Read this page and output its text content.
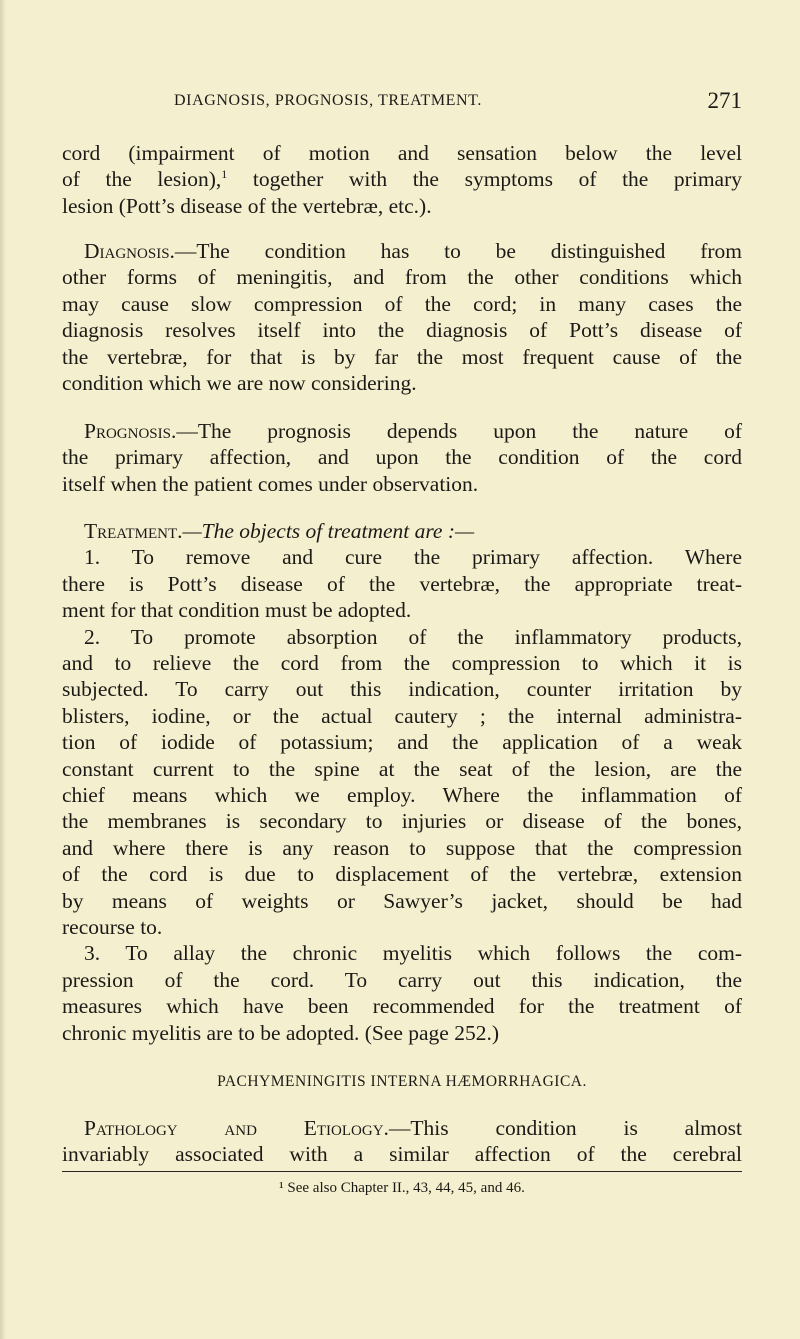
DIAGNOSIS, PROGNOSIS, TREATMENT.	271
cord (impairment of motion and sensation below the level
of the lesion),$^1$ together with the symptoms of the primary
lesion (Pott’s disease of the vertebræ, etc.).
Diagnosis.—The condition has to be distinguished from
other forms of meningitis, and from the other conditions which
may cause slow compression of the cord; in many cases the
diagnosis resolves itself into the diagnosis of Pott’s disease of
the vertebræ, for that is by far the most frequent cause of the
condition which we are now considering.
Prognosis.—The prognosis depends upon the nature of
the primary affection, and upon the condition of the cord
itself when the patient comes under observation.
Treatment.—The objects of treatment are :—
1. To remove and cure the primary affection. Where
there is Pott’s disease of the vertebræ, the appropriate treat-
ment for that condition must be adopted.
2. To promote absorption of the inflammatory products,
and to relieve the cord from the compression to which it is
subjected. To carry out this indication, counter irritation by
blisters, iodine, or the actual cautery ; the internal administra-
tion of iodide of potassium; and the application of a weak
constant current to the spine at the seat of the lesion, are the
chief means which we employ. Where the inflammation of
the membranes is secondary to injuries or disease of the bones,
and where there is any reason to suppose that the compression
of the cord is due to displacement of the vertebræ, extension
by means of weights or Sawyer’s jacket, should be had
recourse to.
3. To allay the chronic myelitis which follows the com-
pression of the cord. To carry out this indication, the
measures which have been recommended for the treatment of
chronic myelitis are to be adopted. (See page 252.)
PACHYMENINGITIS INTERNA HÆMORRHAGICA.
Pathology and Etiology.—This condition is almost
invariably associated with a similar affection of the cerebral
¹ See also Chapter II., 43, 44, 45, and 46.
